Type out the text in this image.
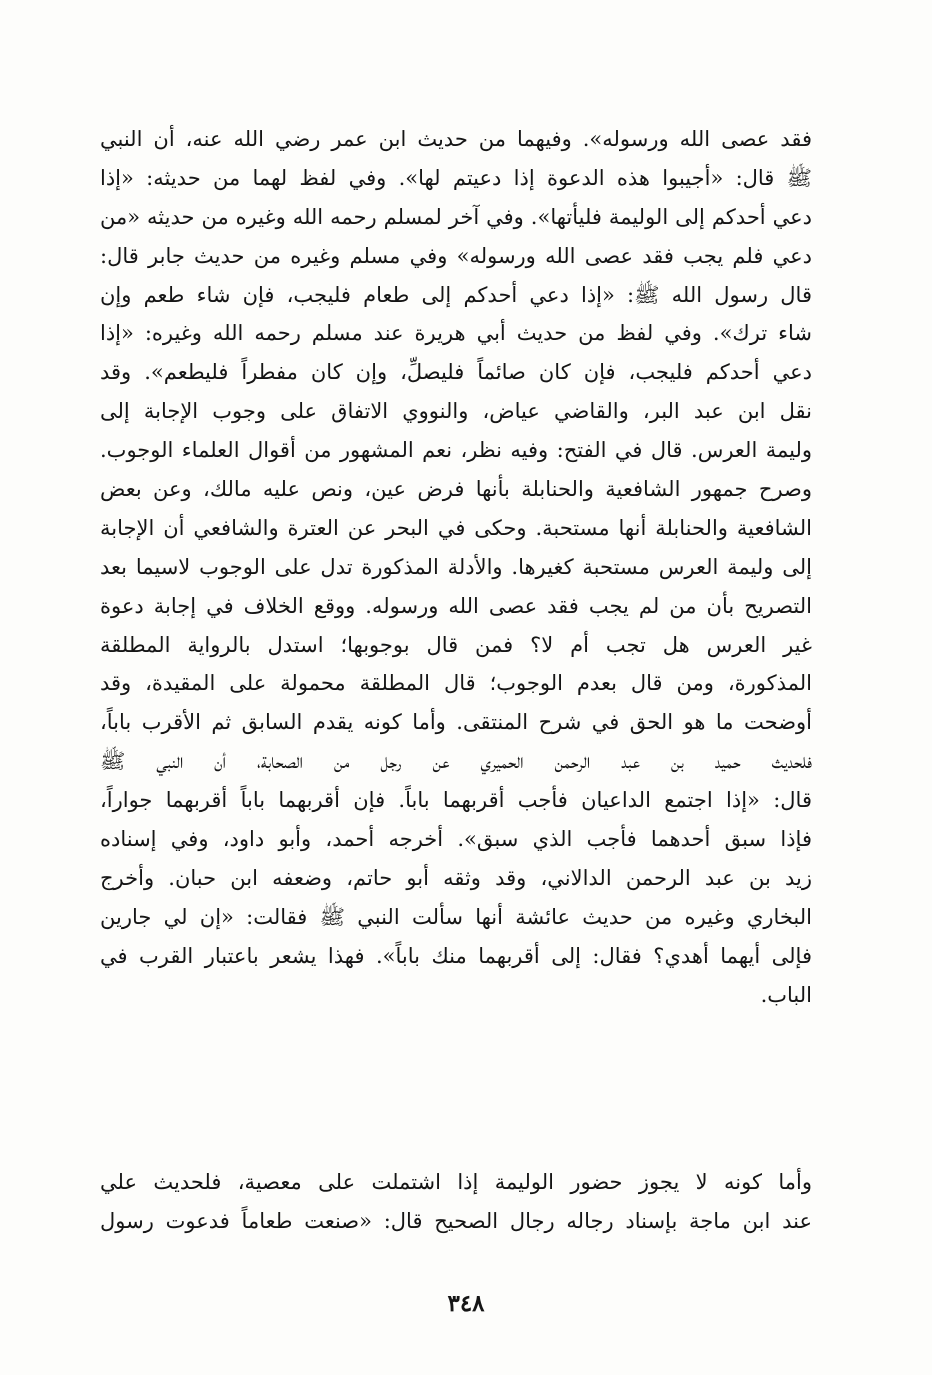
فقد عصى الله ورسوله». وفيهما من حديث ابن عمر رضي الله عنه، أن النبي
ﷺ قال: «أجيبوا هذه الدعوة إذا دعيتم لها». وفي لفظ لهما من حديثه: «إذا
دعي أحدكم إلى الوليمة فليأتها». وفي آخر لمسلم رحمه الله وغيره من حديثه «من
دعي فلم يجب فقد عصى الله ورسوله» وفي مسلم وغيره من حديث جابر قال:
قال رسول الله ﷺ: «إذا دعي أحدكم إلى طعام فليجب، فإن شاء طعم وإن
شاء ترك». وفي لفظ من حديث أبي هريرة عند مسلم رحمه الله وغيره: «إذا
دعي أحدكم فليجب، فإن كان صائماً فليصلِّ، وإن كان مفطراً فليطعم». وقد
نقل ابن عبد البر، والقاضي عياض، والنووي الاتفاق على وجوب الإجابة إلى
وليمة العرس. قال في الفتح: وفيه نظر، نعم المشهور من أقوال العلماء الوجوب.
وصرح جمهور الشافعية والحنابلة بأنها فرض عين، ونص عليه مالك، وعن بعض
الشافعية والحنابلة أنها مستحبة. وحكى في البحر عن العترة والشافعي أن الإجابة
إلى وليمة العرس مستحبة كغيرها. والأدلة المذكورة تدل على الوجوب لاسيما بعد
التصريح بأن من لم يجب فقد عصى الله ورسوله. ووقع الخلاف في إجابة دعوة
غير العرس هل تجب أم لا؟ فمن قال بوجوبها؛ استدل بالرواية المطلقة
المذكورة، ومن قال بعدم الوجوب؛ قال المطلقة محمولة على المقيدة، وقد
أوضحت ما هو الحق في شرح المنتقى. وأما كونه يقدم السابق ثم الأقرب باباً،
فلحديث حميد بن عبد الرحمن الحميري عن رجل من الصحابة، أن النبي ﷺ
قال: «إذا اجتمع الداعيان فأجب أقربهما باباً. فإن أقربهما باباً أقربهما جواراً،
فإذا سبق أحدهما فأجب الذي سبق». أخرجه أحمد، وأبو داود، وفي إسناده
زيد بن عبد الرحمن الدالاني، وقد وثقه أبو حاتم، وضعفه ابن حبان. وأخرج
البخاري وغيره من حديث عائشة أنها سألت النبي ﷺ فقالت: «إن لي جارين
فإلى أيهما أهدي؟ فقال: إلى أقربهما منك باباً». فهذا يشعر باعتبار القرب في
الباب.
وأما كونه لا يجوز حضور الوليمة إذا اشتملت على معصية، فلحديث علي
عند ابن ماجة بإسناد رجاله رجال الصحيح قال: «صنعت طعاماً فدعوت رسول
٣٤٨
